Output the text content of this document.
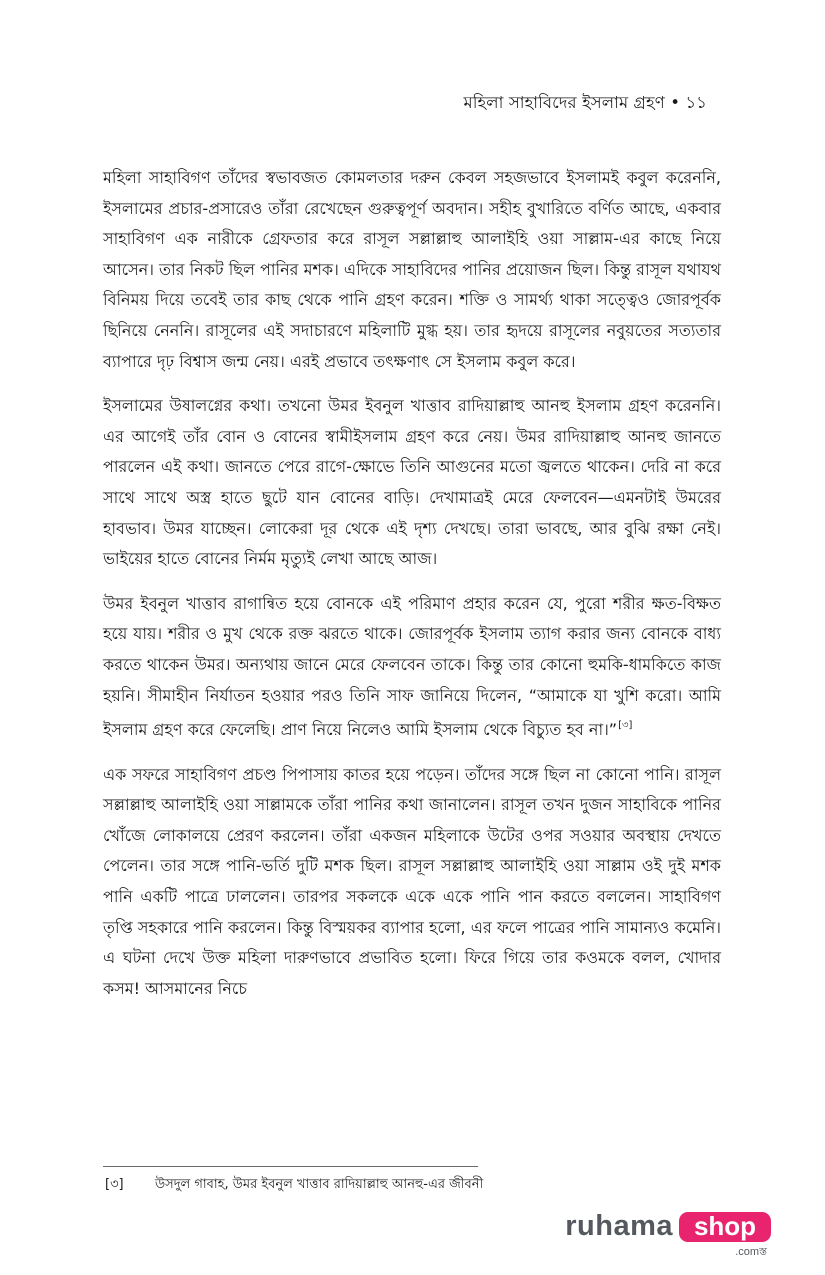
মহিলা সাহাবিদের ইসলাম গ্রহণ • ১১

মহিলা সাহাবিগণ তাঁদের স্বভাবজত কোমলতার দরুন কেবল সহজভাবে ইসলামই কবুল করেননি, ইসলামের প্রচার-প্রসারেও তাঁরা রেখেছেন গুরুত্বপূর্ণ অবদান। সহীহ বুখারিতে বর্ণিত আছে, একবার সাহাবিগণ এক নারীকে গ্রেফতার করে রাসূল সল্লাল্লাহু আলাইহি ওয়া সাল্লাম-এর কাছে নিয়ে আসেন। তার নিকট ছিল পানির মশক। এদিকে সাহাবিদের পানির প্রয়োজন ছিল। কিন্তু রাসূল যথাযথ বিনিময় দিয়ে তবেই তার কাছ থেকে পানি গ্রহণ করেন। শক্তি ও সামর্থ্য থাকা সত্ত্বেও জোরপূর্বক ছিনিয়ে নেননি। রাসূলের এই সদাচারণে মহিলাটি মুগ্ধ হয়। তার হৃদয়ে রাসূলের নবুয়তের সত্যতার ব্যাপারে দৃঢ় বিশ্বাস জন্ম নেয়। এরই প্রভাবে তৎক্ষণাৎ সে ইসলাম কবুল করে।

ইসলামের উষালগ্নের কথা। তখনো উমর ইবনুল খাত্তাব রাদিয়াল্লাহু আনহু ইসলাম গ্রহণ করেননি। এর আগেই তাঁর বোন ও বোনের স্বামীইসলাম গ্রহণ করে নেয়। উমর রাদিয়াল্লাহু আনহু জানতে পারলেন এই কথা। জানতে পেরে রাগে-ক্ষোভে তিনি আগুনের মতো জ্বলতে থাকেন। দেরি না করে সাথে সাথে অস্ত্র হাতে ছুটে যান বোনের বাড়ি। দেখামাত্রই মেরে ফেলবেন—এমনটাই উমরের হাবভাব। উমর যাচ্ছেন। লোকেরা দূর থেকে এই দৃশ্য দেখছে। তারা ভাবছে, আর বুঝি রক্ষা নেই। ভাইয়ের হাতে বোনের নির্মম মৃত্যুই লেখা আছে আজ।

উমর ইবনুল খাত্তাব রাগান্বিত হয়ে বোনকে এই পরিমাণ প্রহার করেন যে, পুরো শরীর ক্ষত-বিক্ষত হয়ে যায়। শরীর ও মুখ থেকে রক্ত ঝরতে থাকে। জোরপূর্বক ইসলাম ত্যাগ করার জন্য বোনকে বাধ্য করতে থাকেন উমর। অন্যথায় জানে মেরে ফেলবেন তাকে। কিন্তু তার কোনো হুমকি-ধামকিতে কাজ হয়নি। সীমাহীন নির্যাতন হওয়ার পরও তিনি সাফ জানিয়ে দিলেন, “আমাকে যা খুশি করো। আমি ইসলাম গ্রহণ করে ফেলেছি। প্রাণ নিয়ে নিলেও আমি ইসলাম থেকে বিচ্যুত হব না।”[৩]

এক সফরে সাহাবিগণ প্রচণ্ড পিপাসায় কাতর হয়ে পড়েন। তাঁদের সঙ্গে ছিল না কোনো পানি। রাসূল সল্লাল্লাহু আলাইহি ওয়া সাল্লামকে তাঁরা পানির কথা জানালেন। রাসূল তখন দুজন সাহাবিকে পানির খোঁজে লোকালয়ে প্রেরণ করলেন। তাঁরা একজন মহিলাকে উটের ওপর সওয়ার অবস্থায় দেখতে পেলেন। তার সঙ্গে পানি-ভর্তি দুটি মশক ছিল। রাসূল সল্লাল্লাহু আলাইহি ওয়া সাল্লাম ওই দুই মশক পানি একটি পাত্রে ঢাললেন। তারপর সকলকে একে একে পানি পান করতে বললেন। সাহাবিগণ তৃপ্তি সহকারে পানি করলেন। কিন্তু বিস্ময়কর ব্যাপার হলো, এর ফলে পাত্রের পানি সামান্যও কমেনি। এ ঘটনা দেখে উক্ত মহিলা দারুণভাবে প্রভাবিত হলো। ফিরে গিয়ে তার কওমকে বলল, খোদার কসম! আসমানের নিচে

[৩]	উসদুল গাবাহ, উমর ইবনুল খাত্তাব রাদিয়াল্লাহু আনহু-এর জীবনী
ruhama shop
.comস্ত
